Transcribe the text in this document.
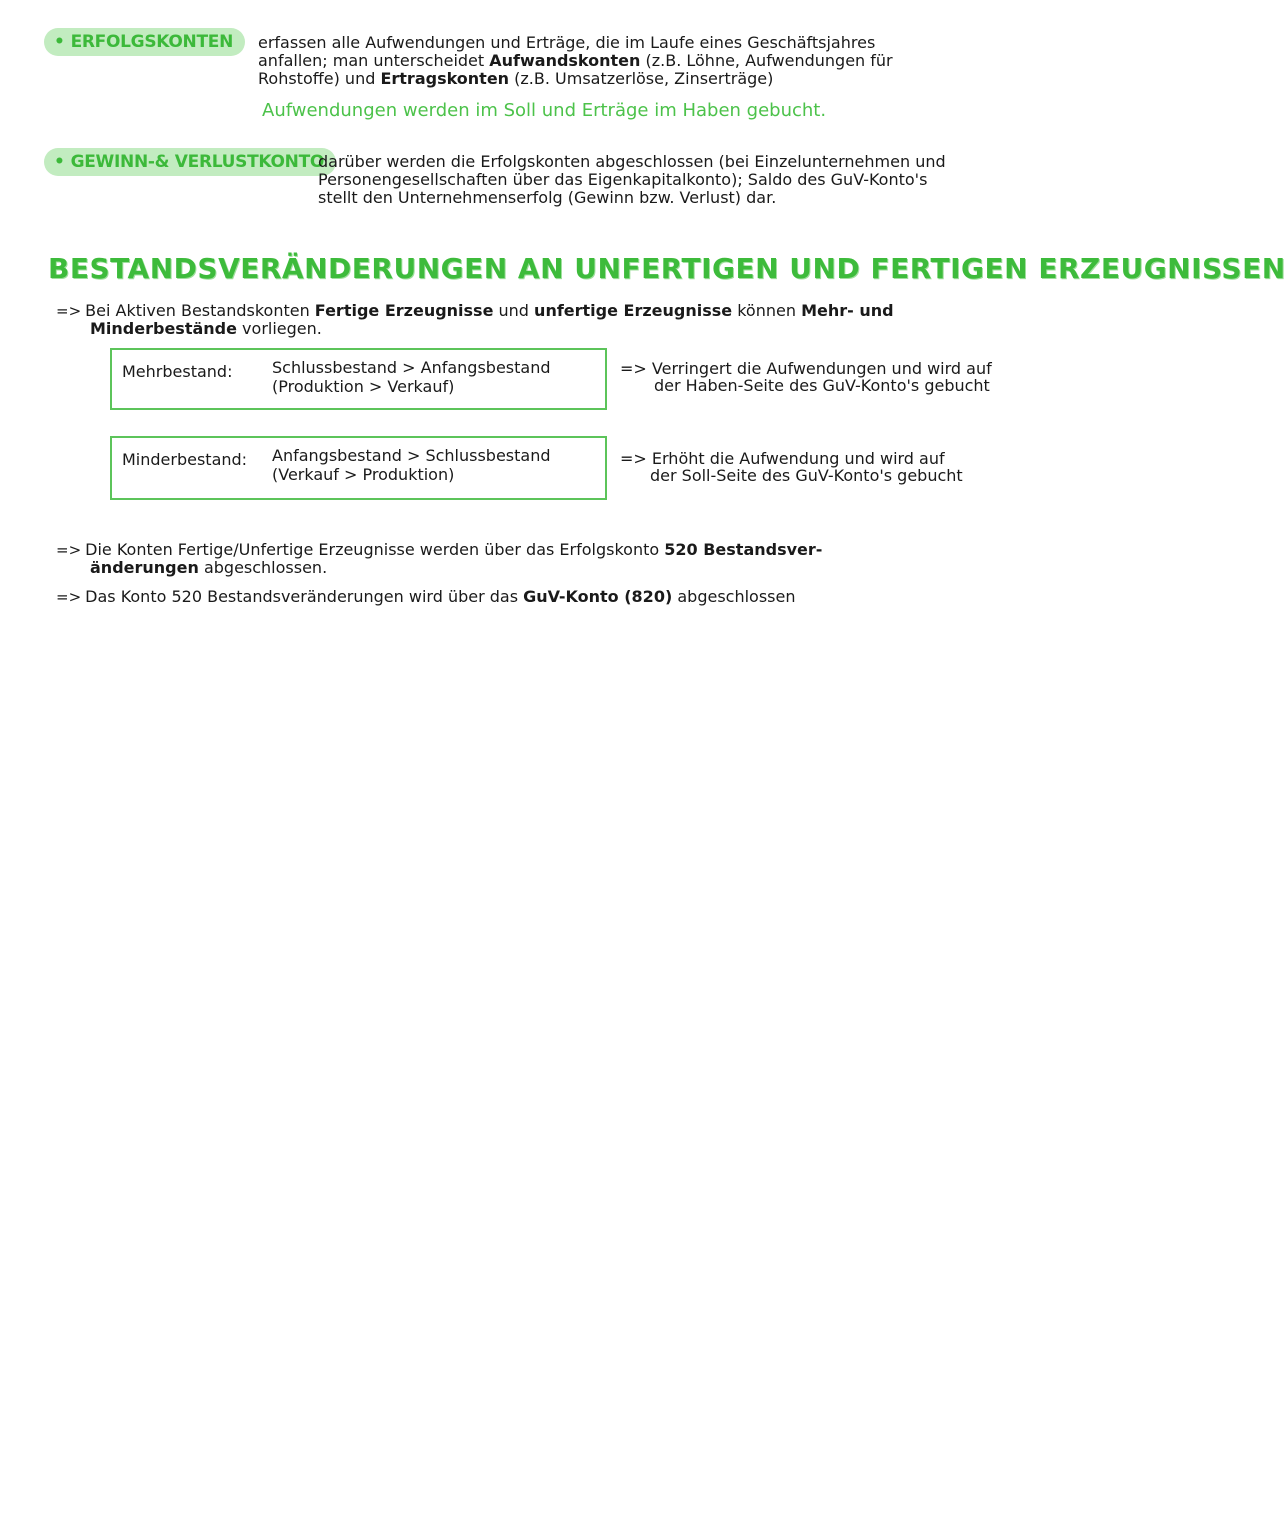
• ERFOLGSKONTEN	erfassen alle Aufwendungen und Erträge, die im Laufe eines Geschäftsjahres
anfallen; man unterscheidet Aufwandskonten (z.B. Löhne, Aufwendungen für
Rohstoffe) und Ertragskonten (z.B. Umsatzerlöse, Zinserträge)
Aufwendungen werden im Soll und Erträge im Haben gebucht.
• GEWINN-& VERLUSTKONTO
darüber werden die Erfolgskonten abgeschlossen (bei Einzelunternehmen und
Personengesellschaften über das Eigenkapitalkonto); Saldo des GuV-Konto's
stellt den Unternehmenserfolg (Gewinn bzw. Verlust) dar.
BESTANDSVERÄNDERUNGEN AN UNFERTIGEN UND FERTIGEN ERZEUGNISSEN
=> Bei Aktiven Bestandskonten Fertige Erzeugnisse und unfertige Erzeugnisse können Mehr- und
Minderbestände vorliegen.
Mehrbestand: Schlussbestand > Anfangsbestand
(Produktion > Verkauf)
=> Verringert die Aufwendungen und wird auf
der Haben-Seite des GuV-Konto's gebucht
Minderbestand: Anfangsbestand > Schlussbestand
(Verkauf > Produktion)
=> Erhöht die Aufwendung und wird auf
der Soll-Seite des GuV-Konto's gebucht
=> Die Konten Fertige/Unfertige Erzeugnisse werden über das Erfolgskonto 520 Bestandsver-
änderungen abgeschlossen.
=> Das Konto 520 Bestandsveränderungen wird über das GuV-Konto (820) abgeschlossen
